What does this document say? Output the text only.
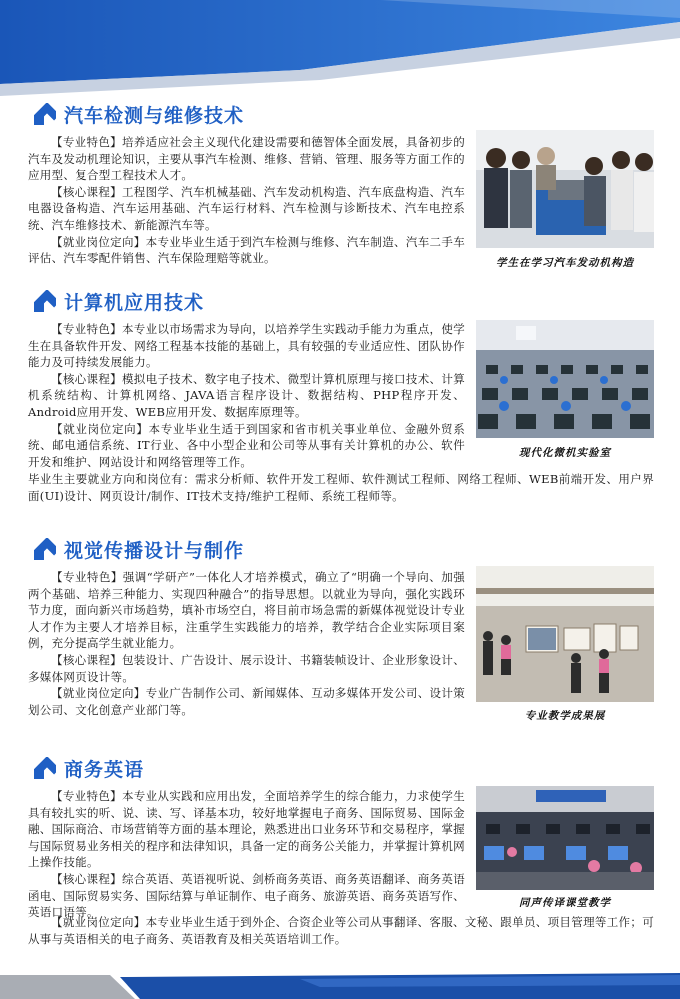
汽车检测与维修技术

【专业特色】培养适应社会主义现代化建设需要和德智体全面发展，具备初步的汽车及发动机理论知识，主要从事汽车检测、维修、营销、管理、服务等方面工作的应用型、复合型工程技术人才。

【核心课程】工程图学、汽车机械基础、汽车发动机构造、汽车底盘构造、汽车电器设备构造、汽车运用基础、汽车运行材料、汽车检测与诊断技术、汽车电控系统、汽车维修技术、新能源汽车等。

【就业岗位定向】本专业毕业生适于到汽车检测与维修、汽车制造、汽车二手车评估、汽车零配件销售、汽车保险理赔等就业。	学生在学习汽车发动机构造
计算机应用技术

【专业特色】本专业以市场需求为导向，以培养学生实践动手能力为重点，使学生在具备软件开发、网络工程基本技能的基础上，具有较强的专业适应性、团队协作能力及可持续发展能力。

【核心课程】模拟电子技术、数字电子技术、微型计算机原理与接口技术、计算机系统结构、计算机网络、JAVA语言程序设计、数据结构、PHP程序开发、Android应用开发、WEB应用开发、数据库原理等。

【就业岗位定向】本专业毕业生适于到国家和省市机关事业单位、金融外贸系统、邮电通信系统、IT行业、各中小型企业和公司等从事有关计算机的办公、软件开发和维护、网站设计和网络管理等工作。

毕业生主要就业方向和岗位有：需求分析师、软件开发工程师、软件测试工程师、网络工程师、WEB前端开发、用户界面(UI)设计、网页设计/制作、IT技术支持/维护工程师、系统工程师等。

现代化微机实验室
视觉传播设计与制作

【专业特色】强调“学研产”一体化人才培养模式，确立了“明确一个导向、加强两个基础、培养三种能力、实现四种融合”的指导思想。以就业为导向，强化实践环节力度，面向新兴市场趋势，填补市场空白，将目前市场急需的新媒体视觉设计专业人才作为主要人才培养目标，注重学生实践能力的培养，教学结合企业实际项目案例，充分提高学生就业能力。

【核心课程】包装设计、广告设计、展示设计、书籍装帧设计、企业形象设计、多媒体网页设计等。

【就业岗位定向】专业广告制作公司、新闻媒体、互动多媒体开发公司、设计策划公司、文化创意产业部门等。	专业教学成果展
商务英语

【专业特色】本专业从实践和应用出发，全面培养学生的综合能力，力求使学生具有较扎实的听、说、读、写、译基本功，较好地掌握电子商务、国际贸易、国际金融、国际商洽、市场营销等方面的基本理论，熟悉进出口业务环节和交易程序，掌握与国际贸易业务相关的程序和法律知识，具备一定的商务公关能力，并掌握计算机网上操作技能。

【核心课程】综合英语、英语视听说、剑桥商务英语、商务英语翻译、商务英语函电、国际贸易实务、国际结算与单证制作、电子商务、旅游英语、商务英语写作、英语口语等。

【就业岗位定向】本专业毕业生适于到外企、合资企业等公司从事翻译、客服、文秘、跟单员、项目管理等工作；可从事与英语相关的电子商务、英语教育及相关英语培训工作。

同声传译课堂教学
